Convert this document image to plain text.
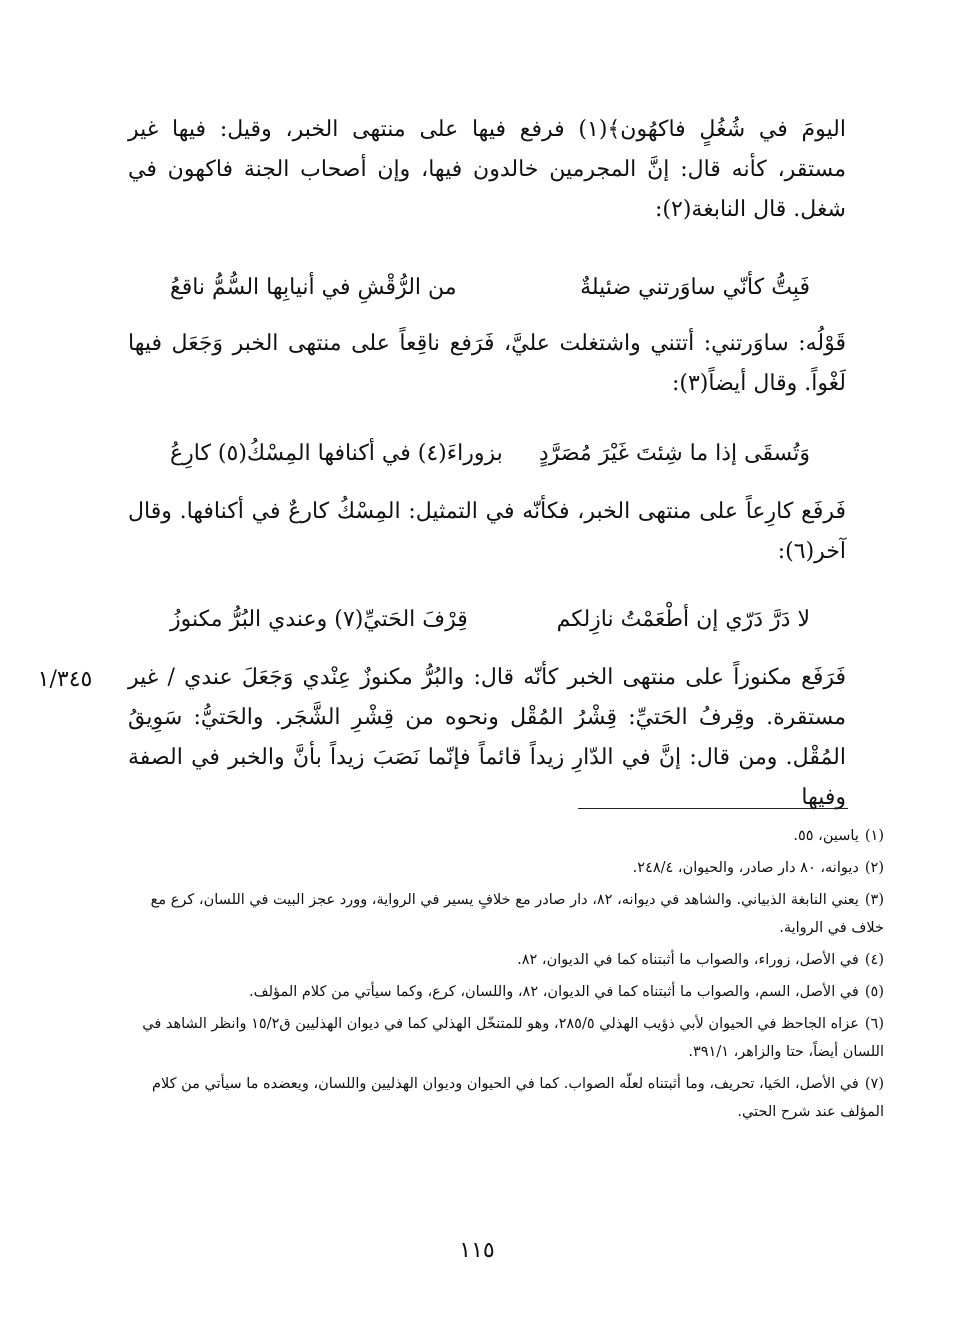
اليومَ في شُغُلٍ فاكهُون﴾(١) فرفع فيها على منتهى الخبر، وقيل: فيها غير مستقر، كأنه قال: إنَّ المجرمين خالدون فيها، وإن أصحاب الجنة فاكهون في شغل. قال النابغة(٢):
فَبِتُّ كأنّي ساوَرتني ضئيلةٌ
من الرُّقْشِ في أنيابِها السُّمُّ ناقعُ
قَوْلُه: ساوَرتني: أتتني واشتغلت عليَّ، فَرَفع ناقِعاً على منتهى الخبر وَجَعَل فيها لَغْواً. وقال أيضاً(٣):
وَتُسقَى إذا ما شِئتَ غَيْرَ مُصَرَّدٍ
بزوراءَ(٤) في أكنافها المِسْكُ(٥) كارِعُ
فَرفَع كارِعاً على منتهى الخبر، فكأنّه في التمثيل: المِسْكُ كارعٌ في أكنافها. وقال آخر(٦):
لا دَرَّ دَرّي إن أطْعَمْتُ نازِلكم
قِرْفَ الحَتيِّ(٧) وعندي البُرُّ مكنوزُ
فَرَفَع مكنوزاً على منتهى الخبر كأنّه قال: والبُرُّ مكنوزٌ عِنْدي وَجَعَلَ عندي / غير مستقرة. وقِرفُ الحَتيِّ: قِشْرُ المُقْل ونحوه من قِشْرِ الشَّجَر. والحَتيُّ: سَوِيقُ المُقْل. ومن قال: إنَّ في الدّارِ زيداً قائماً فإنّما نَصَبَ زيداً بأنَّ والخبر في الصفة وفيها
١/٣٤٥
(١)ياسين، ٥٥.
(٢)ديوانه، ٨٠ دار صادر، والحيوان، ٢٤٨/٤.
(٣)يعني النابغة الذبياني. والشاهد في ديوانه، ٨٢، دار صادر مع خلافٍ يسير في الرواية، وورد عجز البيت في اللسان، كرع مع خلاف في الرواية.
(٤)في الأصل، زوراء، والصواب ما أثبتناه كما في الديوان، ٨٢.
(٥)في الأصل، السم، والصواب ما أثبتناه كما في الديوان، ٨٢، واللسان، كرع، وكما سيأتي من كلام المؤلف.
(٦)عزاه الجاحظ في الحيوان لأبي ذؤيب الهذلي ٢٨٥/٥، وهو للمتنخّل الهذلي كما في ديوان الهذليين ق١٥/٢ وانظر الشاهد في اللسان أيضاً، حتا والزاهر، ٣٩١/١.
(٧)في الأصل، الحَيا، تحريف، وما أثبتناه لعلّه الصواب. كما في الحيوان وديوان الهذليين واللسان، ويعضده ما سيأتي من كلام المؤلف عند شرح الحتي.
١١٥
